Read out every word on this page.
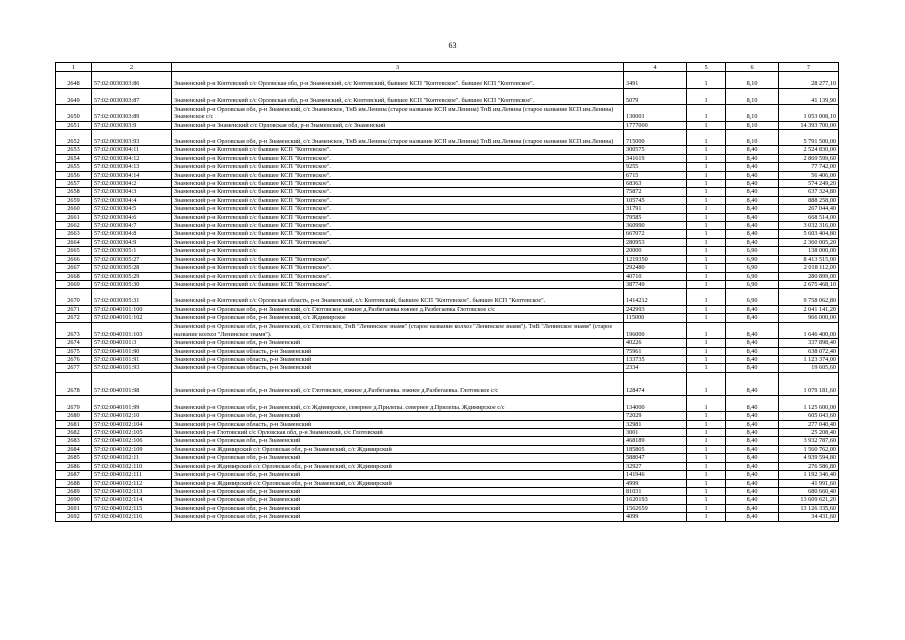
63
1	2	3	4	5	6	7
2648	57:02:0030303:86	Знаменский р-н Коптевский с/с Орловская обл, р-н Знаменский, с/с Коптевский, бывшее КСП "Коптевское". бывшее КСП "Коптевское".	3491	1	8,10	28 277,10
2649	57:02:0030303:87	Знаменский р-н Коптевский с/с Орловская обл, р-н Знаменский, с/с Коптевский, бывшее КСП "Коптевское". бывшее КСП "Коптевское".	5079	1	8,10	41 139,90
2650	57:02:0030303:89	Знаменский р-н Орловская обл, р-н Знаменский, с/с Знаменское, ТнВ им.Ленина (старое название КСП им.Ленина) ТнВ им.Ленина (старое название КСП им.Ленина) Знаменское с/с	130001	1	8,10	1 053 008,10
2651	57:02:0030303:9	Знаменский р-н Знаменский с/с Орловская обл, р-н Знаменский, с/с Знаменский	1777000	1	8,10	14 393 700,00
2652	57:02:0030303:93	Знаменский р-н Орловская обл, р-н Знаменский, с/с Знаменское, ТнВ им.Ленина (старое название КСП им.Ленина) ТнВ им.Ленина (старое название КСП им.Ленина)	715000	1	8,10	5 791 500,00
2653	57:02:0030304:11	Знаменский р-н Коптевский с/с бывшее КСП "Коптевское".	300575	1	8,40	2 524 830,00
2654	57:02:0030304:12	Знаменский р-н Коптевский с/с бывшее КСП "Коптевское".	341619	1	8,40	2 869 599,60
2655	57:02:0030304:13	Знаменский р-н Коптевский с/с бывшее КСП "Коптевское".	9255	1	8,40	77 742,00
2656	57:02:0030304:14	Знаменский р-н Коптевский с/с бывшее КСП "Коптевское".	6715	1	8,40	56 406,00
2657	57:02:0030304:2	Знаменский р-н Коптевский с/с бывшее КСП "Коптевское".	68363	1	8,40	574 249,20
2658	57:02:0030304:3	Знаменский р-н Коптевский с/с бывшее КСП "Коптевское".	75872	1	8,40	637 324,80
2659	57:02:0030304:4	Знаменский р-н Коптевский с/с бывшее КСП "Коптевское".	105745	1	8,40	888 258,00
2660	57:02:0030304:5	Знаменский р-н Коптевский с/с бывшее КСП "Коптевское".	31791	1	8,40	267 044,40
2661	57:02:0030304:6	Знаменский р-н Коптевский с/с бывшее КСП "Коптевское".	79585	1	8,40	668 514,00
2662	57:02:0030304:7	Знаменский р-н Коптевский с/с бывшее КСП "Коптевское".	360990	1	8,40	3 032 316,00
2663	57:02:0030304:8	Знаменский р-н Коптевский с/с бывшее КСП "Коптевское".	667072	1	8,40	5 603 404,80
2664	57:02:0030304:9	Знаменский р-н Коптевский с/с бывшее КСП "Коптевское".	280953	1	8,40	2 360 005,20
2665	57:02:0030305:1	Знаменский р-н Коптевский с/с	20000	1	6,90	138 000,00
2666	57:02:0030305:27	Знаменский р-н Коптевский с/с бывшее КСП "Коптевское".	1219350	1	6,90	8 413 515,00
2667	57:02:0030305:28	Знаменский р-н Коптевский с/с бывшее КСП "Коптевское".	292480	1	6,90	2 018 112,00
2668	57:02:0030305:29	Знаменский р-н Коптевский с/с бывшее КСП "Коптевское".	40710	1	6,90	280 899,00
2669	57:02:0030305:30	Знаменский р-н Коптевский с/с бывшее КСП "Коптевское".	387749	1	6,90	2 675 468,10
2670	57:02:0030305:31	Знаменский р-н Коптевский с/с Орловская область, р-н Знаменский, с/с Коптевский, бывшее КСП "Коптевское". бывшее КСП "Коптевское".	1414212	1	6,90	9 758 062,80
2671	57:02:0040101:100	Знаменский р-н Орловская обл, р-н Знаменский, с/с Глотовское, южнее д.Разбегаевка южнее д.Разбегаевка Глотовское с/с	242993	1	8,40	2 041 141,20
2672	57:02:0040101:102	Знаменский р-н Орловская обл, р-н Знаменский, с/с Ждимирское	115000	1	8,40	966 000,00
2673	57:02:0040101:103	Знаменский р-н Орловская обл, р-н Знаменский, с/с Глотовское, ТнВ "Ленинское знамя" (старое название колхоз "Ленинское знамя"). ТнВ "Ленинское знамя" (старое название колхоз "Ленинское знамя").	196000	1	8,40	1 646 400,00
2674	57:02:0040101:3	Знаменский р-н Орловская обл, р-н Знаменский	40226	1	8,40	337 898,40
2675	57:02:0040101:90	Знаменский р-н Орловская область, р-н Знаменский	75961	1	8,40	638 072,40
2676	57:02:0040101:91	Знаменский р-н Орловская область, р-н Знаменский	133735	1	8,40	1 123 374,00
2677	57:02:0040101:93	Знаменский р-н Орловская область, р-н Знаменский	2334	1	8,40	19 605,60
2678	57:02:0040101:98	Знаменский р-н Орловская обл, р-н Знаменский, с/с Глотовское, южнее д.Разбегаевка. южнее д.Разбегаевка. Глотовское с/с	128474	1	8,40	1 079 181,60
2679	57:02:0040101:99	Знаменский р-н Орловская обл, р-н Знаменский, с/с Ждимирское, севернее д.Прилепы. севернее д.Прилепы. Ждимирское с/с	134000	1	8,40	1 125 600,00
2680	57:02:0040102:10	Знаменский р-н Орловская обл, р-н Знаменский	72029	1	8,40	605 043,60
2681	57:02:0040102:104	Знаменский р-н Орловская область, р-н Знаменский	32981	1	8,40	277 040,40
2682	57:02:0040102:105	Знаменский р-н Глотовский с/с Орловская обл, р-н Знаменский, с/с Глотовский	3001	1	8,40	25 208,40
2683	57:02:0040102:106	Знаменский р-н Орловская обл, р-н Знаменский	468189	1	8,40	3 932 787,60
2684	57:02:0040102:109	Знаменский р-н Ждимирский с/с Орловская обл, р-н Знаменский, с/с Ждимирский	185805	1	8,40	1 560 762,00
2685	57:02:0040102:11	Знаменский р-н Орловская обл, р-н Знаменский	588047	1	8,40	4 939 594,80
2686	57:02:0040102:110	Знаменский р-н Ждимирский с/с Орловская обл, р-н Знаменский, с/с Ждимирский	32927	1	8,40	276 586,80
2687	57:02:0040102:111	Знаменский р-н Орловская обл, р-н Знаменский	141946	1	8,40	1 192 346,40
2688	57:02:0040102:112	Знаменский р-н Ждимирский с/с Орловская обл, р-н Знаменский, с/с Ждимирский	4999	1	8,40	41 991,60
2689	57:02:0040102:113	Знаменский р-н Орловская обл, р-н Знаменский	81031	1	8,40	680 660,40
2690	57:02:0040102:114	Знаменский р-н Орловская обл, р-н Знаменский	1620193	1	8,40	13 609 621,20
2691	57:02:0040102:115	Знаменский р-н Орловская обл, р-н Знаменский	1562659	1	8,40	13 126 335,60
2692	57:02:0040102:116	Знаменский р-н Орловская обл, р-н Знаменский	4099	1	8,40	34 431,60
